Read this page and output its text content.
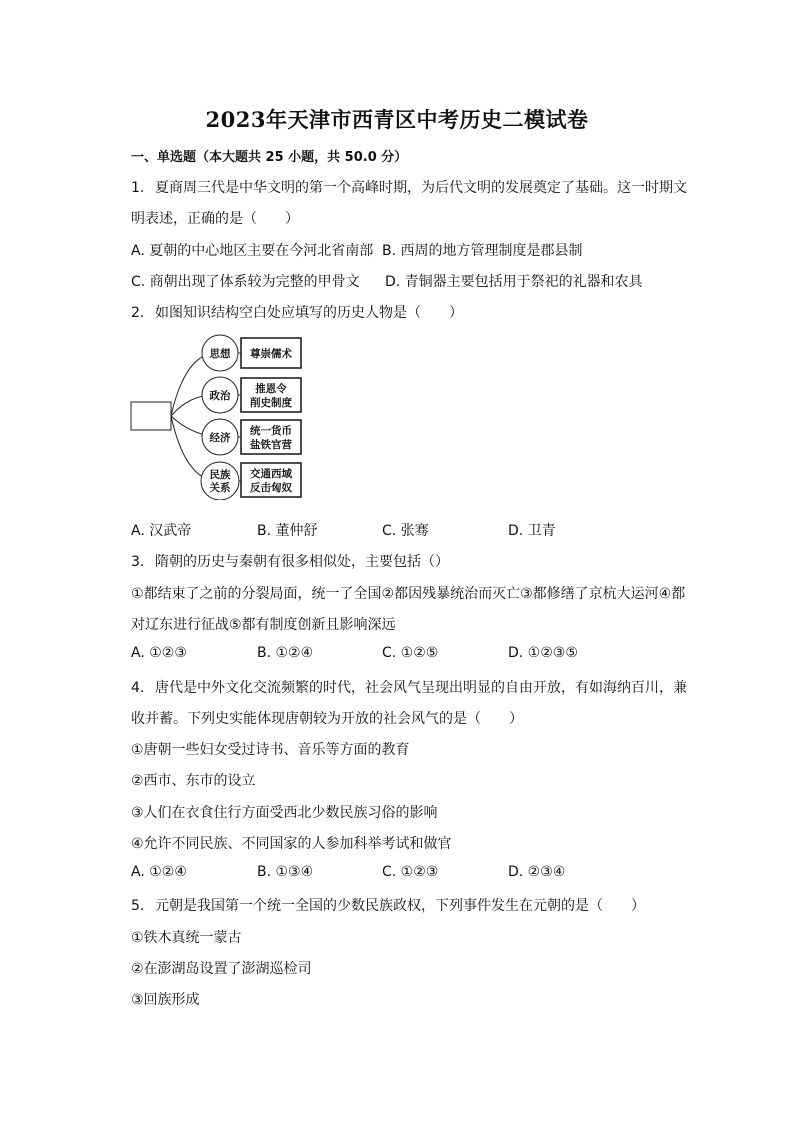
2023年天津市西青区中考历史二模试卷
一、单选题（本大题共 25 小题，共 50.0 分）
1. 夏商周三代是中华文明的第一个高峰时期，为后代文明的发展奠定了基础。这一时期文
明表述，正确的是（　　）
A. 夏朝的中心地区主要在今河北省南部 B. 西周的地方管理制度是郡县制
C. 商朝出现了体系较为完整的甲骨文 D. 青铜器主要包括用于祭祀的礼器和农具
2. 如图知识结构空白处应填写的历史人物是（　　）
思想
政治
经济
民族
关系
尊崇儒术
推恩令
削史制度
统一货币
盐铁官营
交通西域
反击匈奴
A. 汉武帝	B. 董仲舒	C. 张骞	D. 卫青
3. 隋朝的历史与秦朝有很多相似处，主要包括（）
①都结束了之前的分裂局面，统一了全国②都因残暴统治而灭亡③都修缮了京杭大运河④都
对辽东进行征战⑤都有制度创新且影响深远
A. ①②③	B. ①②④	C. ①②⑤	D. ①②③⑤
4. 唐代是中外文化交流频繁的时代，社会风气呈现出明显的自由开放，有如海纳百川，兼
收并蓄。下列史实能体现唐朝较为开放的社会风气的是（　　）
①唐朝一些妇女受过诗书、音乐等方面的教育
②西市、东市的设立
③人们在衣食住行方面受西北少数民族习俗的影响
④允许不同民族、不同国家的人参加科举考试和做官
A. ①②④	B. ①③④	C. ①②③	D. ②③④
5. 元朝是我国第一个统一全国的少数民族政权，下列事件发生在元朝的是（　　）
①铁木真统一蒙古
②在澎湖岛设置了澎湖巡检司
③回族形成
